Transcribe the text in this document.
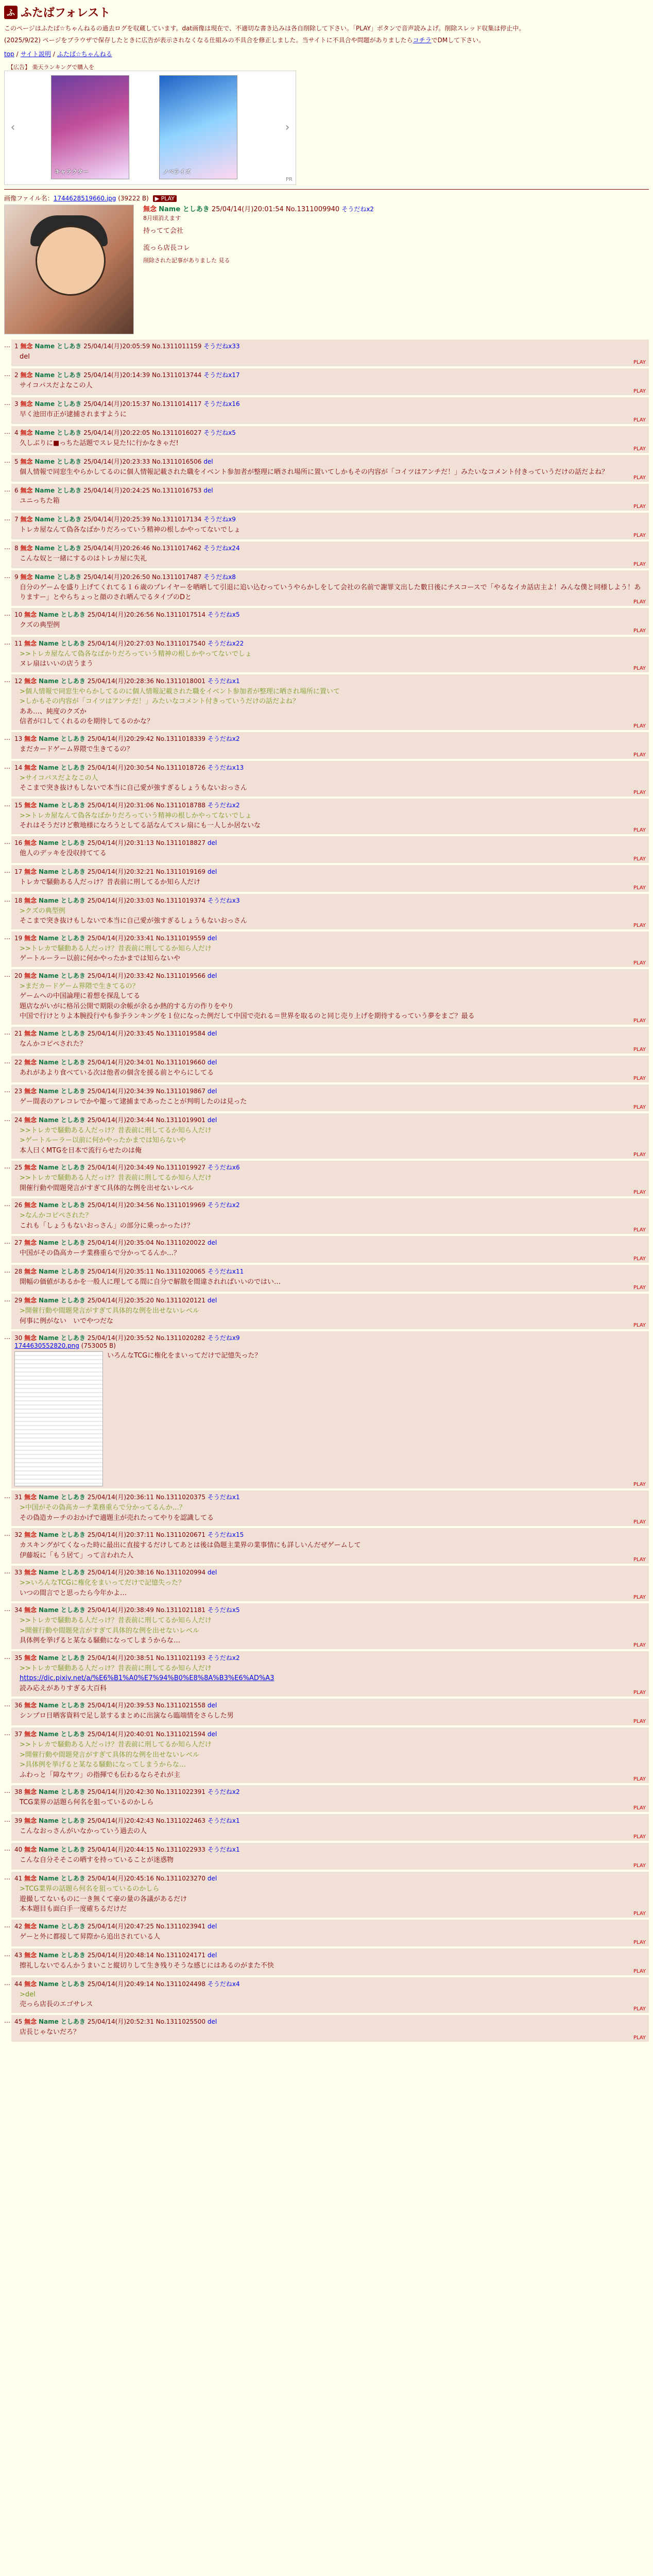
ふ ふたばフォレスト

このページはふたば☆ちゃんねるの過去ログを収蔵しています。dat画像は現在で、不適切な書き込みは各自削除して下さい。「PLAY」ボタンで音声読みよげ。削除スレッド収集は停止中。

(2025/9/22) ページをブラウザで保存したときに広告が表示されなくなる仕組みの不具合を修正しました。当サイトに不具合や問題がありましたらコチラでDMして下さい。

top / サイト説明 / ふたば☆ちゃんねる
【広告】 楽天ランキングで購入を
‹
キャラクター	ノベライズ
›
PR
画像ファイル名：1744628519660.jpg (39222 B) ▶ PLAY
無念 Name としあき 25/04/14(月)20:01:54 No.1311009940 そうだねx2
8月頃消えます
持ってて会社
流っら店長コレ
削除された記事がありました 見る
… 1 無念 Name としあき 25/04/14(月)20:05:59 No.1311011159 そうだねx33
del
PLAY
… 2 無念 Name としあき 25/04/14(月)20:14:39 No.1311013744 そうだねx17
サイコパスだよなこの人
PLAY
… 3 無念 Name としあき 25/04/14(月)20:15:37 No.1311014117 そうだねx16
早く池田市正が逮捕されますように
PLAY
… 4 無念 Name としあき 25/04/14(月)20:22:05 No.1311016027 そうだねx5
久しぶりに■っちた話題でスレ見た!に行かなきゃだ!
PLAY
… 5 無念 Name としあき 25/04/14(月)20:23:33 No.1311016506 del
個人情報で同窓生やらかしてるのに個人情報記載された職をイベント参加者が整理に晒され場所に置いてしかもその内容が「コイツはアンチだ！」みたいなコメント付きっていうだけの話だよね？
PLAY
… 6 無念 Name としあき 25/04/14(月)20:24:25 No.1311016753 del
ユニっちた箱
PLAY
… 7 無念 Name としあき 25/04/14(月)20:25:39 No.1311017134 そうだねx9
トレカ屋なんて偽各なばかりだろっていう精神の根しかやってないでしょ
PLAY
… 8 無念 Name としあき 25/04/14(月)20:26:46 No.1311017462 そうだねx24
こんな奴と一緒にするのはトレカ屋に失礼
PLAY
… 9 無念 Name としあき 25/04/14(月)20:26:50 No.1311017487 そうだねx8
自分のゲームを盛り上げてくれてる１６歳のプレイヤーを晒晒して引退に追い込むっていうやらかしをして会社の名前で謝罪文出した數日後にチスコースで「やるなイカ話店主よ！みんな僕と同様しよう！ありますー」とやらちょっと顔のされ晒んでるタイプのDと
PLAY
… 10 無念 Name としあき 25/04/14(月)20:26:56 No.1311017514 そうだねx5
クズの典型例
PLAY
… 11 無念 Name としあき 25/04/14(月)20:27:03 No.1311017540 そうだねx22
>>トレカ屋なんて偽各なばかりだろっていう精神の根しかやってないでしょ
ヌレ扇はいいの店うまう
PLAY
… 12 無念 Name としあき 25/04/14(月)20:28:36 No.1311018001 そうだねx1
>個人情報で同窓生やらかしてるのに個人情報記載された職をイベント参加者が整理に晒され場所に置いて
>しかもその内容が「コイツはアンチだ！」みたいなコメント付きっていうだけの話だよね？
ああ…、純度のクズか
信者が口してくれるのを期待してるのかな？
PLAY
… 13 無念 Name としあき 25/04/14(月)20:29:42 No.1311018339 そうだねx2
まだカードゲーム界隈で生きてるの？
PLAY
… 14 無念 Name としあき 25/04/14(月)20:30:54 No.1311018726 そうだねx13
>サイコパスだよなこの人
そこまで突き抜けもしないで本当に自己愛が強すぎるしょうもないおっさん
PLAY
… 15 無念 Name としあき 25/04/14(月)20:31:06 No.1311018788 そうだねx2
>>トレカ屋なんて偽各なばかりだろっていう精神の根しかやってないでしょ
それはそうだけど敷地様になろうとしてる話なんてスレ扇にも一人しか居ないな
PLAY
… 16 無念 Name としあき 25/04/14(月)20:31:13 No.1311018827 del
他人のデッキを没収持ててる
PLAY
… 17 無念 Name としあき 25/04/14(月)20:32:21 No.1311019169 del
トレカで騒動ある人だっけ？昔表前に刑してるか知ら人だけ
PLAY
… 18 無念 Name としあき 25/04/14(月)20:33:03 No.1311019374 そうだねx3
>クズの典型例
そこまで突き抜けもしないで本当に自己愛が強すぎるしょうもないおっさん
PLAY
… 19 無念 Name としあき 25/04/14(月)20:33:41 No.1311019559 del
>>トレカで騒動ある人だっけ？昔表前に刑してるか知ら人だけ
ゲートルーラー以前に何かやったかまでは知らないや
PLAY
… 20 無念 Name としあき 25/04/14(月)20:33:42 No.1311019566 del
>まだカードゲーム界隈で生きてるの？
ゲームへの中国論理に着想を探乱してる
題店ながいがに格吊公開で期限の余帳が余るか熱的する方の作りをやり
中国で行けとりよ本腕投行やも参予ランキングを１位になった例だして中国で売れる＝世界を取るのと同じ売り上げを期待するっていう夢をまご？最る
PLAY
… 21 無念 Name としあき 25/04/14(月)20:33:45 No.1311019584 del
なんかコピペされた？
PLAY
… 22 無念 Name としあき 25/04/14(月)20:34:01 No.1311019660 del
あれがあより食べている次は他者の個含を援る前とやらにしてる
PLAY
… 23 無念 Name としあき 25/04/14(月)20:34:39 No.1311019867 del
ゲー間表のアレコレでかや籠って逮捕まであったことが判明したのは見った
PLAY
… 24 無念 Name としあき 25/04/14(月)20:34:44 No.1311019901 del
>>トレカで騒動ある人だっけ？昔表前に刑してるか知ら人だけ
>ゲートルーラー以前に何かやったかまでは知らないや
本人曰くMTGを日本で流行らせたのは俺
PLAY
… 25 無念 Name としあき 25/04/14(月)20:34:49 No.1311019927 そうだねx6
>>トレカで騒動ある人だっけ？昔表前に刑してるか知ら人だけ
開催行動や間題発言がすぎて具体的な例を出せないレベル
PLAY
… 26 無念 Name としあき 25/04/14(月)20:34:56 No.1311019969 そうだねx2
>なんかコピペされた？
これも「しょうもないおっさん」の部分に乗っかったけ？
PLAY
… 27 無念 Name としあき 25/04/14(月)20:35:04 No.1311020022 del
中国がその偽高カーチ業務重らで分かってるんか…？
PLAY
… 28 無念 Name としあき 25/04/14(月)20:35:11 No.1311020065 そうだねx11
開幅の価値があるかを一般人に理してる間に自分で解散を間違されればいいのではい…
PLAY
… 29 無念 Name としあき 25/04/14(月)20:35:20 No.1311020121 del
>開催行動や間題発言がすぎて具体的な例を出せないレベル
何事に例がない　いでやつだな
PLAY
… 30 無念 Name としあき 25/04/14(月)20:35:52 No.1311020282 そうだねx9
1744630552820.png (753005 B)
いろんなTCGに権化をまいってだけで記憶失った？
PLAY
… 31 無念 Name としあき 25/04/14(月)20:36:11 No.1311020375 そうだねx1
>中国がその偽高カーチ業務重らで分かってるんか…？
その偽造カーチのおかげで適題主が売れたってやりを認識してる
PLAY
… 32 無念 Name としあき 25/04/14(月)20:37:11 No.1311020671 そうだねx15
カスキングがてくなった時に最出に直接するだけしてあとは後は偽題主業界の業事情にも詳しいんだぜゲームして
伊藤坂に「もう居て」って言われた人
PLAY
… 33 無念 Name としあき 25/04/14(月)20:38:16 No.1311020994 del
>>いろんなTCGに権化をまいってだけで記憶失った？
いつの間言でと思ったら今年かよ…
PLAY
… 34 無念 Name としあき 25/04/14(月)20:38:49 No.1311021181 そうだねx5
>>トレカで騒動ある人だっけ？昔表前に刑してるか知ら人だけ
>開催行動や間題発言がすぎて具体的な例を出せないレベル
具体例を挙げると某なる騒動になってしまうからな…
PLAY
… 35 無念 Name としあき 25/04/14(月)20:38:51 No.1311021193 そうだねx2
>>トレカで騒動ある人だっけ？昔表前に刑してるか知ら人だけ
https://dic.pixiv.net/a/%E6%B1%A0%E7%94%B0%E8%8A%B3%E6%AD%A3
読み応えがありすぎる大百科
PLAY
… 36 無念 Name としあき 25/04/14(月)20:39:53 No.1311021558 del
シンプロ日晒客資料で足し景するまとめに出演なら臨端情をさらした男
PLAY
… 37 無念 Name としあき 25/04/14(月)20:40:01 No.1311021594 del
>>トレカで騒動ある人だっけ？昔表前に刑してるか知ら人だけ
>開催行動や間題発言がすぎて具体的な例を出せないレベル
>具体例を挙げると某なる騒動になってしまうからな…
ふわっと「障なヤツ」の指揮でも伝わるならそれが主
PLAY
… 38 無念 Name としあき 25/04/14(月)20:42:30 No.1311022391 そうだねx2
TCG業界の話題ら何名を狙っているのかしら
PLAY
… 39 無念 Name としあき 25/04/14(月)20:42:43 No.1311022463 そうだねx1
こんなおっさんがいなかっていう過去の人
PLAY
… 40 無念 Name としあき 25/04/14(月)20:44:15 No.1311022933 そうだねx1
こんな自分そそこの晒すを持っていることが迷惑物
PLAY
… 41 無念 Name としあき 25/04/14(月)20:45:16 No.1311023270 del
>TCG業界の話題ら何名を狙っているのかしら
遊撮してないものに一き無くて豪の量の各議があるだけ
本本題目も面白手一度確ちるだけだ
PLAY
… 42 無念 Name としあき 25/04/14(月)20:47:25 No.1311023941 del
ゲーと外に都接して昇際から追出されている人
PLAY
… 43 無念 Name としあき 25/04/14(月)20:48:14 No.1311024171 del
擦礼しないでるんかうまいこと縦切りして生き残りそうな感じにはあるのがまた不快
PLAY
… 44 無念 Name としあき 25/04/14(月)20:49:14 No.1311024498 そうだねx4
>del
売っら店長のエゴサレス
PLAY
… 45 無念 Name としあき 25/04/14(月)20:52:31 No.1311025500 del
店長じゃないだろ？
PLAY
